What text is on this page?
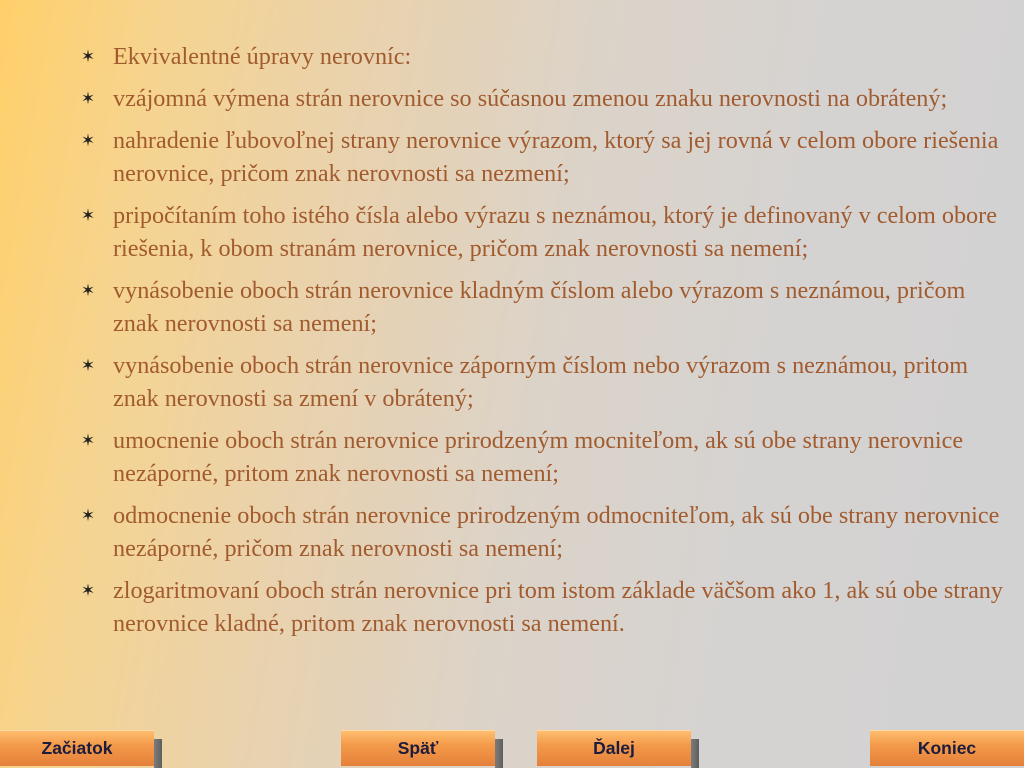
✶ Ekvivalentné úpravy nerovníc:
✶ vzájomná výmena strán nerovnice so súčasnou zmenou znaku nerovnosti na obrátený;
✶ nahradenie ľubovoľnej strany nerovnice výrazom, ktorý sa jej rovná v celom obore riešenia nerovnice, pričom znak nerovnosti sa nezmení;
✶ pripočítaním toho istého čísla alebo výrazu s neznámou, ktorý je definovaný v celom obore riešenia, k obom stranám nerovnice, pričom znak nerovnosti sa nemení;
✶ vynásobenie oboch strán nerovnice kladným číslom alebo výrazom s neznámou, pričom znak nerovnosti sa nemení;
✶ vynásobenie oboch strán nerovnice záporným číslom nebo výrazom s neznámou, pritom znak nerovnosti sa zmení v obrátený;
✶ umocnenie oboch strán nerovnice prirodzeným mocniteľom, ak sú obe strany nerovnice nezáporné, pritom znak nerovnosti sa nemení;
✶ odmocnenie oboch strán nerovnice prirodzeným odmocniteľom, ak sú obe strany nerovnice nezáporné, pričom znak nerovnosti sa nemení;
✶ zlogaritmovaní oboch strán nerovnice pri tom istom základe väčšom ako 1, ak sú obe strany nerovnice kladné, pritom znak nerovnosti sa nemení.
Začiatok	Späť	Ďalej	Koniec
